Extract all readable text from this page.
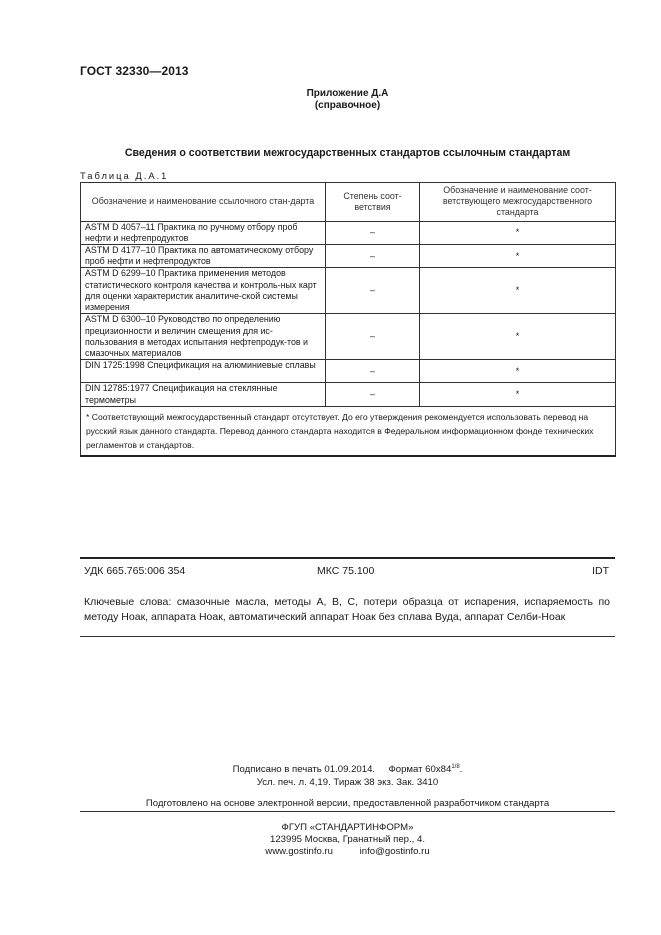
ГОСТ 32330—2013
Приложение Д.А
(справочное)
Сведения о соответствии межгосударственных стандартов ссылочным стандартам
Таблица Д.А.1
Обозначение и наименование ссылочного стан-дарта	Степень соот-ветствия	Обозначение и наименование соот-ветствующего межгосударственного стандарта
ASTM D 4057–11 Практика по ручному отбору проб нефти и нефтепродуктов	–	*
ASTM D 4177–10 Практика по автоматическому отбору проб нефти и нефтепродуктов	–	*
ASTM D 6299–10 Практика применения методов статистического контроля качества и контроль-ных карт для оценки характеристик аналитиче-ской системы измерения	–	*
ASTM D 6300–10 Руководство по определению прецизионности и величин смещения для ис-пользования в методах испытания нефтепродук-тов и смазочных материалов	–	*
DIN 1725:1998 Спецификация на алюминиевые сплавы	–	*
DIN 12785:1977 Спецификация на стеклянные термометры	–	*
* Соответствующий межгосударственный стандарт отсутствует. До его утверждения рекомендуется использовать перевод на русский язык данного стандарта. Перевод данного стандарта находится в Федеральном информационном фонде технических регламентов и стандартов.		
УДК 665.765:006 354	МКС 75.100	IDT
Ключевые слова: смазочные масла, методы А, В, С, потери образца от испарения, испаряемость по методу Ноак, аппарата Ноак, автоматический аппарат Ноак без сплава Вуда, аппарат Селби-Ноак
Подписано в печать 01.09.2014. Формат 60x84$^{1/8}$.
Усл. печ. л. 4,19. Тираж 38 экз. Зак. 3410
Подготовлено на основе электронной версии, предоставленной разработчиком стандарта
ФГУП «СТАНДАРТИНФОРМ»
123995 Москва, Гранатный пер., 4.
www.gostinfo.ru	info@gostinfo.ru
